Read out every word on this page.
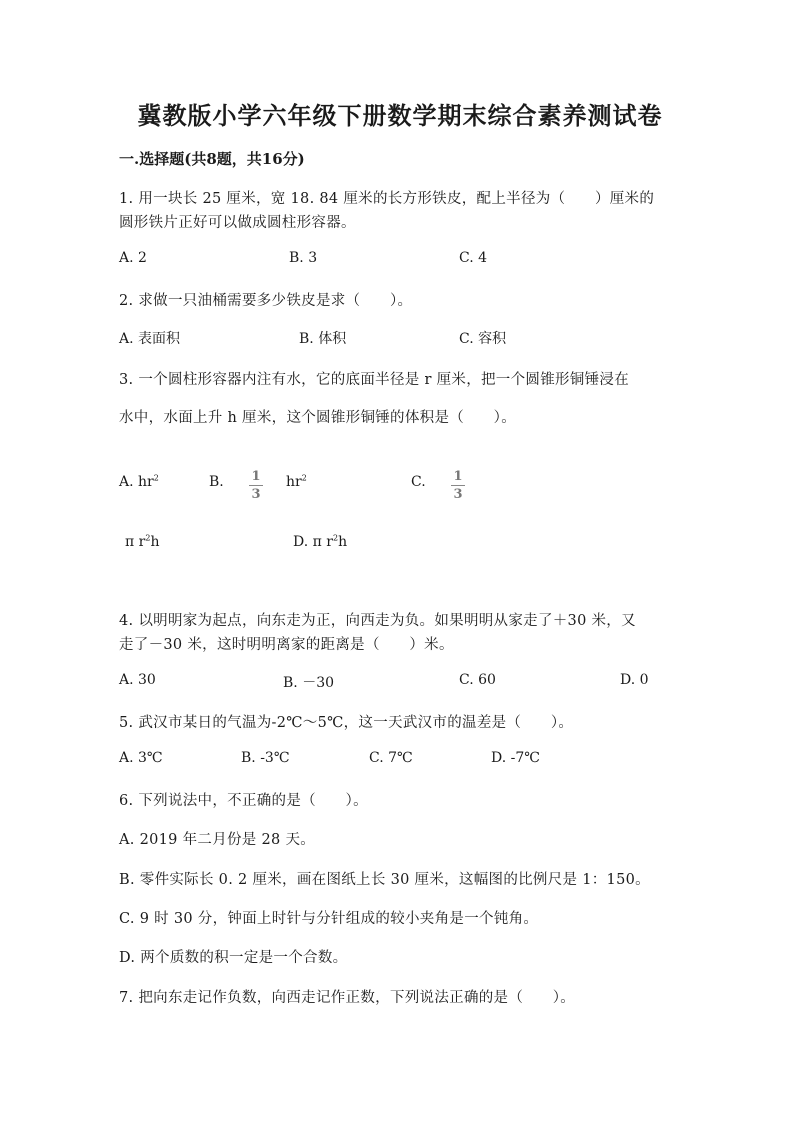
冀教版小学六年级下册数学期末综合素养测试卷
一.选择题(共8题，共16分)
1. 用一块长 25 厘米，宽 18. 84 厘米的长方形铁皮，配上半径为（　　）厘米的
圆形铁片正好可以做成圆柱形容器。
A. 2	B. 3	C. 4
2. 求做一只油桶需要多少铁皮是求（　　）。
A. 表面积	B. 体积	C. 容积
3. 一个圆柱形容器内注有水，它的底面半径是 r 厘米，把一个圆锥形铜锤浸在
水中，水面上升 h 厘米，这个圆锥形铜锤的体积是（　　）。
A. $hr^2$	B. 1
3
$hr^2$	C. 1
3
π $r^2h$	D. π $r^2h$
4. 以明明家为起点，向东走为正，向西走为负。如果明明从家走了＋30 米，又
走了－30 米，这时明明离家的距离是（　　）米。
A. 30	B. －30	C. 60	D. 0
5. 武汉市某日的气温为-2℃～5℃，这一天武汉市的温差是（　　）。
A. 3℃	B. -3℃	C. 7℃	D. -7℃
6. 下列说法中，不正确的是（　　）。
A. 2019 年二月份是 28 天。
B. 零件实际长 0. 2 厘米，画在图纸上长 30 厘米，这幅图的比例尺是 1：150。
C. 9 时 30 分，钟面上时针与分针组成的较小夹角是一个钝角。
D. 两个质数的积一定是一个合数。
7. 把向东走记作负数，向西走记作正数，下列说法正确的是（　　）。
